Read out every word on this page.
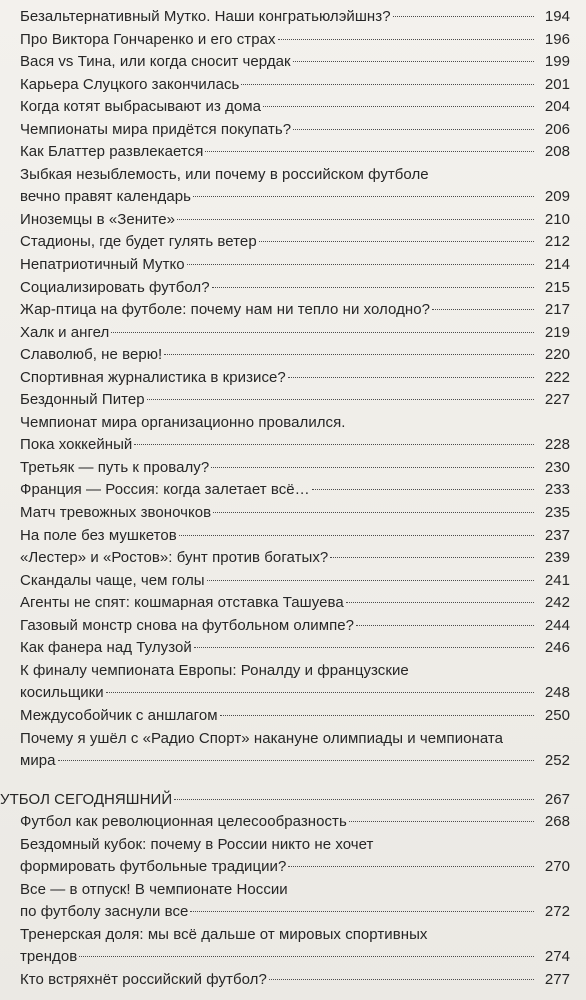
Безальтернативный Мутко. Наши конгратьюлэйшнз?	194
Про Виктора Гончаренко и его страх	196
Вася vs Тина, или когда сносит чердак	199
Карьера Слуцкого закончилась	201
Когда котят выбрасывают из дома	204
Чемпионаты мира придётся покупать?	206
Как Блаттер развлекается	208
Зыбкая незыблемость, или почему в российском футболе
вечно правят календарь	209
Иноземцы в «Зените»	210
Стадионы, где будет гулять ветер	212
Непатриотичный Мутко	214
Социализировать футбол?	215
Жар-птица на футболе: почему нам ни тепло ни холодно?	217
Халк и ангел	219
Славолюб, не верю!	220
Спортивная журналистика в кризисе?	222
Бездонный Питер	227
Чемпионат мира организационно провалился.
Пока хоккейный	228
Третьяк — путь к провалу?	230
Франция — Россия: когда залетает всё…	233
Матч тревожных звоночков	235
На поле без мушкетов	237
«Лестер» и «Ростов»: бунт против богатых?	239
Скандалы чаще, чем голы	241
Агенты не спят: кошмарная отставка Ташуева	242
Газовый монстр снова на футбольном олимпе?	244
Как фанера над Тулузой	246
К финалу чемпионата Европы: Роналду и французские
косильщики	248
Междусобойчик с аншлагом	250
Почему я ушёл с «Радио Спорт» накануне олимпиады и чемпионата
мира	252
УТБОЛ СЕГОДНЯШНИЙ	267
Футбол как революционная целесообразность	268
Бездомный кубок: почему в России никто не хочет
формировать футбольные традиции?	270
Все — в отпуск! В чемпионате Носсии
по футболу заснули все	272
Тренерская доля: мы всё дальше от мировых спортивных
трендов	274
Кто встряхнёт российский футбол?	277
